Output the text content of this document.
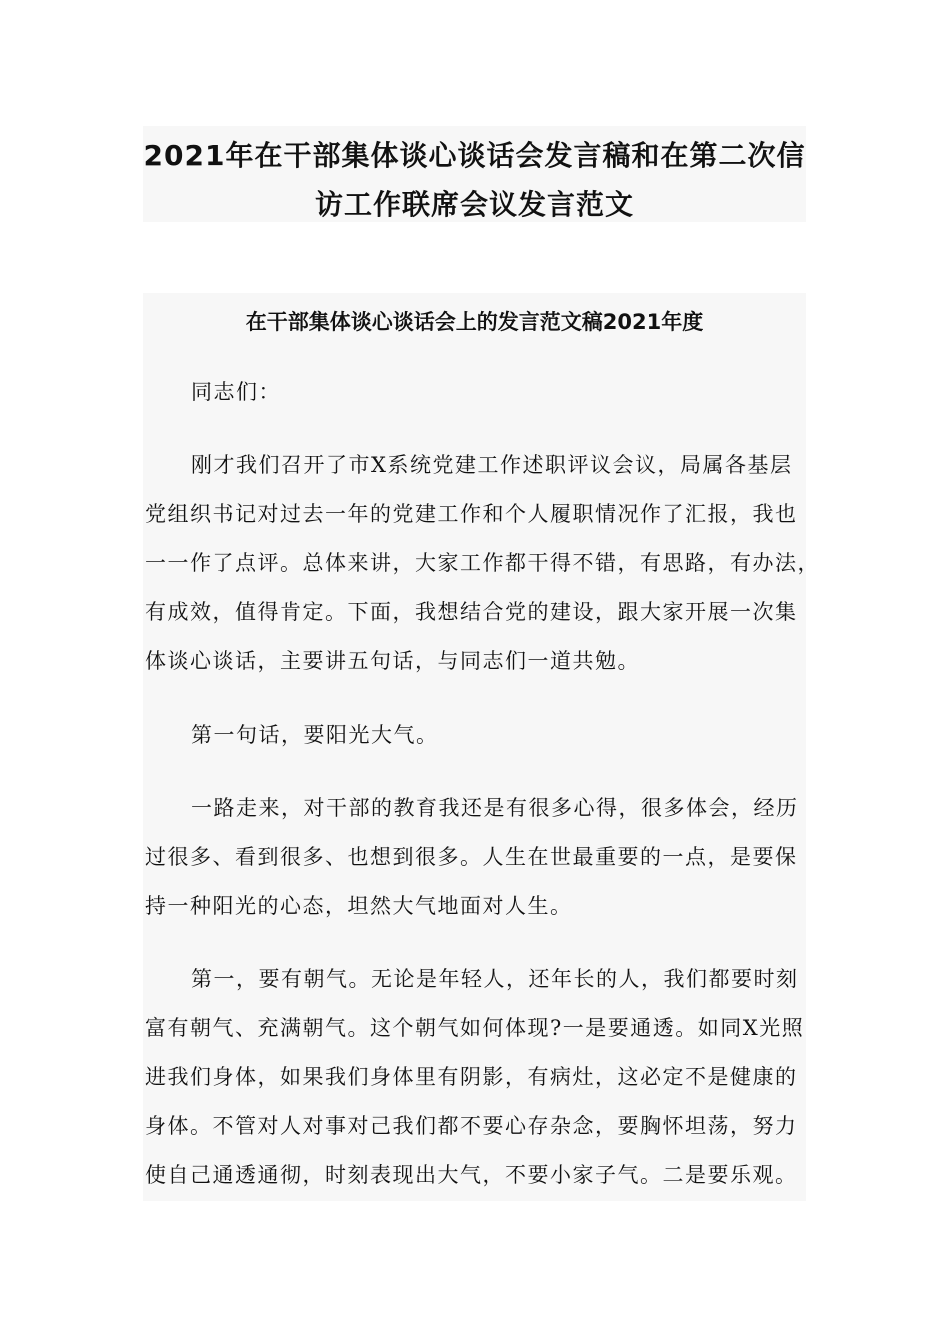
2021年在干部集体谈心谈话会发言稿和在第二次信
访工作联席会议发言范文
在干部集体谈心谈话会上的发言范文稿2021年度
同志们：
刚才我们召开了市X系统党建工作述职评议会议，局属各基层
党组织书记对过去一年的党建工作和个人履职情况作了汇报，我也
一一作了点评。总体来讲，大家工作都干得不错，有思路，有办法，
有成效，值得肯定。下面，我想结合党的建设，跟大家开展一次集
体谈心谈话，主要讲五句话，与同志们一道共勉。
第一句话，要阳光大气。
一路走来，对干部的教育我还是有很多心得，很多体会，经历
过很多、看到很多、也想到很多。人生在世最重要的一点，是要保
持一种阳光的心态，坦然大气地面对人生。
第一，要有朝气。无论是年轻人，还年长的人，我们都要时刻
富有朝气、充满朝气。这个朝气如何体现?一是要通透。如同X光照
进我们身体，如果我们身体里有阴影，有病灶，这必定不是健康的
身体。不管对人对事对己我们都不要心存杂念，要胸怀坦荡，努力
使自己通透通彻，时刻表现出大气，不要小家子气。二是要乐观。
